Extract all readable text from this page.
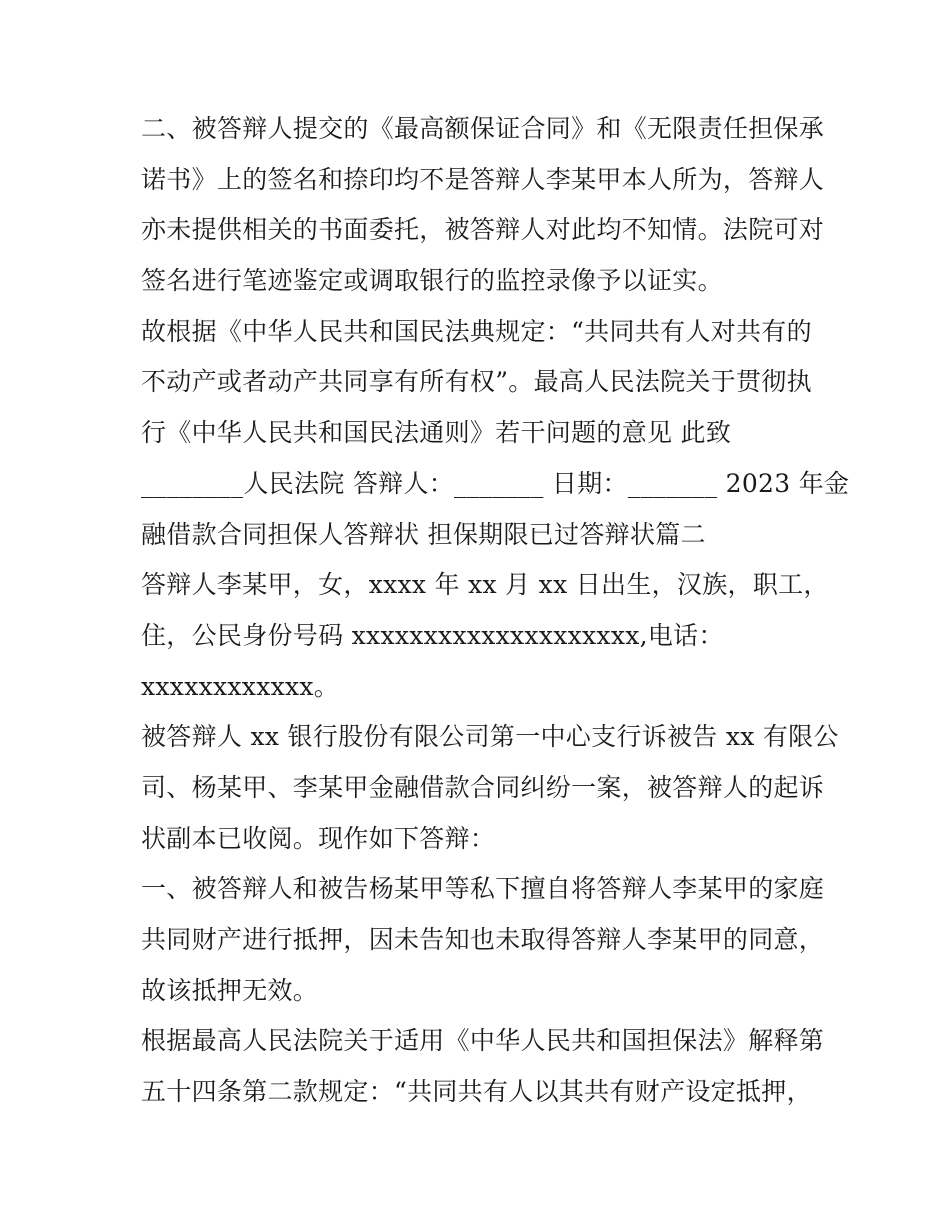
二、被答辩人提交的《最高额保证合同》和《无限责任担保承
诺书》上的签名和捺印均不是答辩人李某甲本人所为，答辩人
亦未提供相关的书面委托，被答辩人对此均不知情。法院可对
签名进行笔迹鉴定或调取银行的监控录像予以证实。
故根据《中华人民共和国民法典规定：“共同共有人对共有的
不动产或者动产共同享有所有权”。最高人民法院关于贯彻执
行《中华人民共和国民法通则》若干问题的意见 此致
________人民法院 答辩人：_______ 日期：_______ 2023 年金
融借款合同担保人答辩状 担保期限已过答辩状篇二
答辩人李某甲，女，xxxx 年 xx 月 xx 日出生，汉族，职工，
住，公民身份号码 xxxxxxxxxxxxxxxxxxxx,电话：
xxxxxxxxxxxx。
被答辩人 xx 银行股份有限公司第一中心支行诉被告 xx 有限公
司、杨某甲、李某甲金融借款合同纠纷一案，被答辩人的起诉
状副本已收阅。现作如下答辩：
一、被答辩人和被告杨某甲等私下擅自将答辩人李某甲的家庭
共同财产进行抵押，因未告知也未取得答辩人李某甲的同意，
故该抵押无效。
根据最高人民法院关于适用《中华人民共和国担保法》解释第
五十四条第二款规定：“共同共有人以其共有财产设定抵押，
